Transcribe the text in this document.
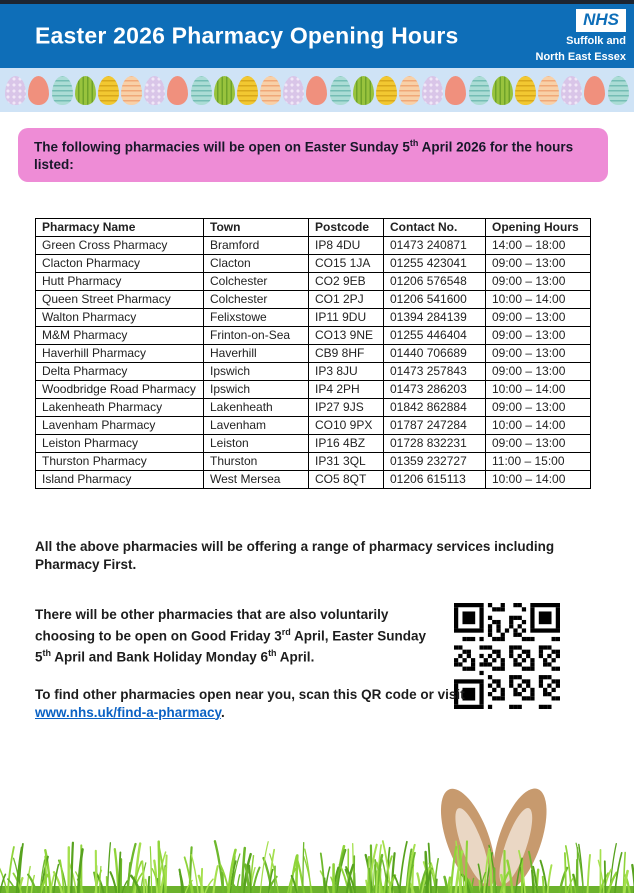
Easter 2026 Pharmacy Opening Hours
NHS
Suffolk and
North East Essex
The following pharmacies will be open on Easter Sunday 5th April 2026 for the hours listed:
Pharmacy Name	Town	Postcode	Contact No.	Opening Hours
Green Cross Pharmacy	Bramford	IP8 4DU	01473 240871	14:00 – 18:00
Clacton Pharmacy	Clacton	CO15 1JA	01255 423041	09:00 – 13:00
Hutt Pharmacy	Colchester	CO2 9EB	01206 576548	09:00 – 13:00
Queen Street Pharmacy	Colchester	CO1 2PJ	01206 541600	10:00 – 14:00
Walton Pharmacy	Felixstowe	IP11 9DU	01394 284139	09:00 – 13:00
M&M Pharmacy	Frinton-on-Sea	CO13 9NE	01255 446404	09:00 – 13:00
Haverhill Pharmacy	Haverhill	CB9 8HF	01440 706689	09:00 – 13:00
Delta Pharmacy	Ipswich	IP3 8JU	01473 257843	09:00 – 13:00
Woodbridge Road Pharmacy	Ipswich	IP4 2PH	01473 286203	10:00 – 14:00
Lakenheath Pharmacy	Lakenheath	IP27 9JS	01842 862884	09:00 – 13:00
Lavenham Pharmacy	Lavenham	CO10 9PX	01787 247284	10:00 – 14:00
Leiston Pharmacy	Leiston	IP16 4BZ	01728 832231	09:00 – 13:00
Thurston Pharmacy	Thurston	IP31 3QL	01359 232727	11:00 – 15:00
Island Pharmacy	West Mersea	CO5 8QT	01206 615113	10:00 – 14:00
All the above pharmacies will be offering a range of pharmacy services including Pharmacy First.
There will be other pharmacies that are also voluntarily choosing to be open on Good Friday 3rd April, Easter Sunday 5th April and Bank Holiday Monday 6th April.
To find other pharmacies open near you, scan this QR code or visit www.nhs.uk/find-a-pharmacy.
